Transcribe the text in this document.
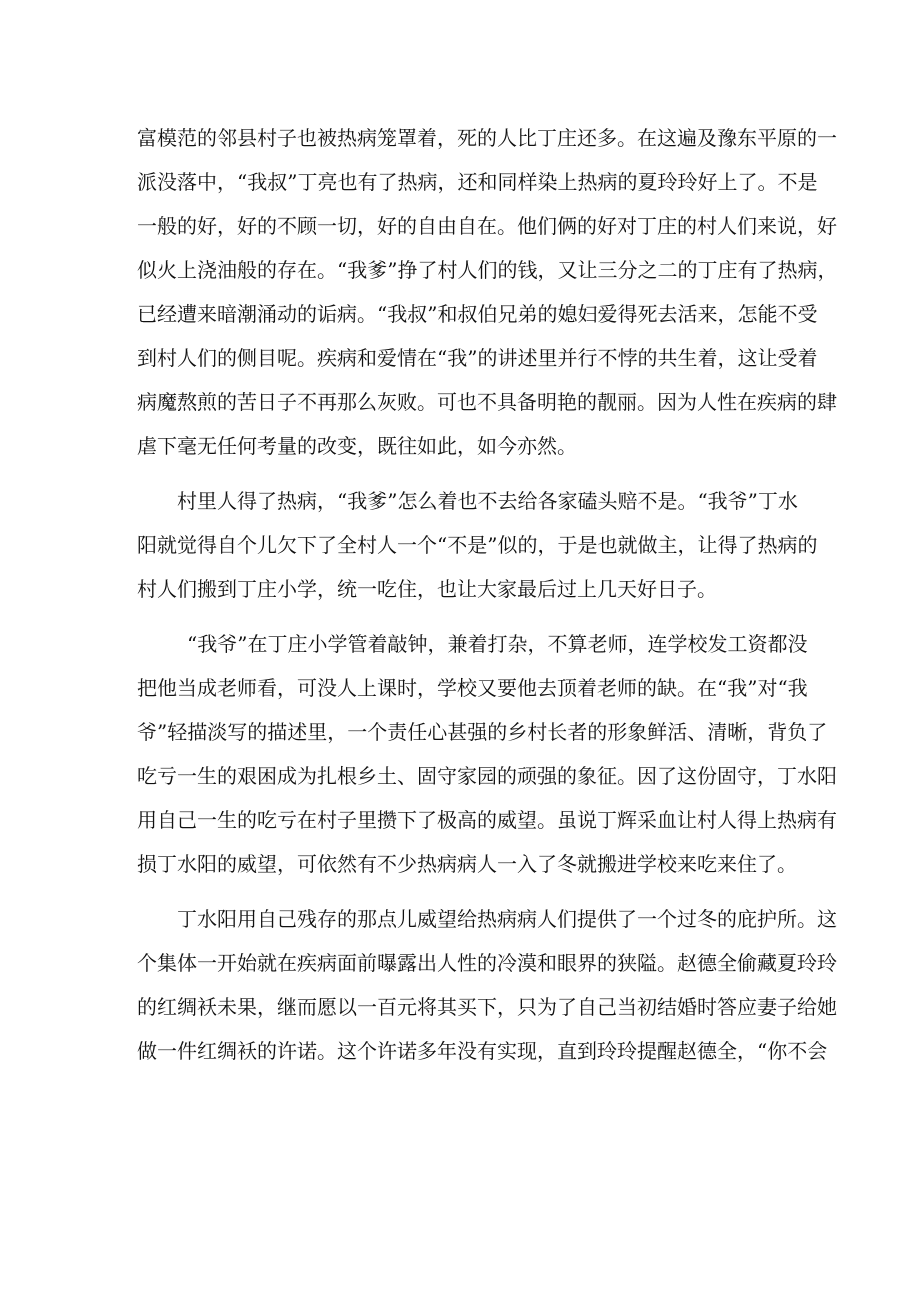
富模范的邻县村子也被热病笼罩着，死的人比丁庄还多。在这遍及豫东平原的一
派没落中，“我叔”丁亮也有了热病，还和同样染上热病的夏玲玲好上了。不是
一般的好，好的不顾一切，好的自由自在。他们俩的好对丁庄的村人们来说，好
似火上浇油般的存在。“我爹”挣了村人们的钱，又让三分之二的丁庄有了热病，
已经遭来暗潮涌动的诟病。“我叔”和叔伯兄弟的媳妇爱得死去活来，怎能不受
到村人们的侧目呢。疾病和爱情在“我”的讲述里并行不悖的共生着，这让受着
病魔熬煎的苦日子不再那么灰败。可也不具备明艳的靓丽。因为人性在疾病的肆
虐下毫无任何考量的改变，既往如此，如今亦然。

村里人得了热病，“我爹”怎么着也不去给各家磕头赔不是。“我爷”丁水
阳就觉得自个儿欠下了全村人一个“不是”似的，于是也就做主，让得了热病的
村人们搬到丁庄小学，统一吃住，也让大家最后过上几天好日子。

“我爷”在丁庄小学管着敲钟，兼着打杂，不算老师，连学校发工资都没
把他当成老师看，可没人上课时，学校又要他去顶着老师的缺。在“我”对“我
爷”轻描淡写的描述里，一个责任心甚强的乡村长者的形象鲜活、清晰，背负了
吃亏一生的艰困成为扎根乡土、固守家园的顽强的象征。因了这份固守，丁水阳
用自己一生的吃亏在村子里攒下了极高的威望。虽说丁辉采血让村人得上热病有
损丁水阳的威望，可依然有不少热病病人一入了冬就搬进学校来吃来住了。

丁水阳用自己残存的那点儿威望给热病病人们提供了一个过冬的庇护所。这
个集体一开始就在疾病面前曝露出人性的冷漠和眼界的狭隘。赵德全偷藏夏玲玲
的红绸袄未果，继而愿以一百元将其买下，只为了自己当初结婚时答应妻子给她
做一件红绸袄的许诺。这个许诺多年没有实现，直到玲玲提醒赵德全，“你不会
